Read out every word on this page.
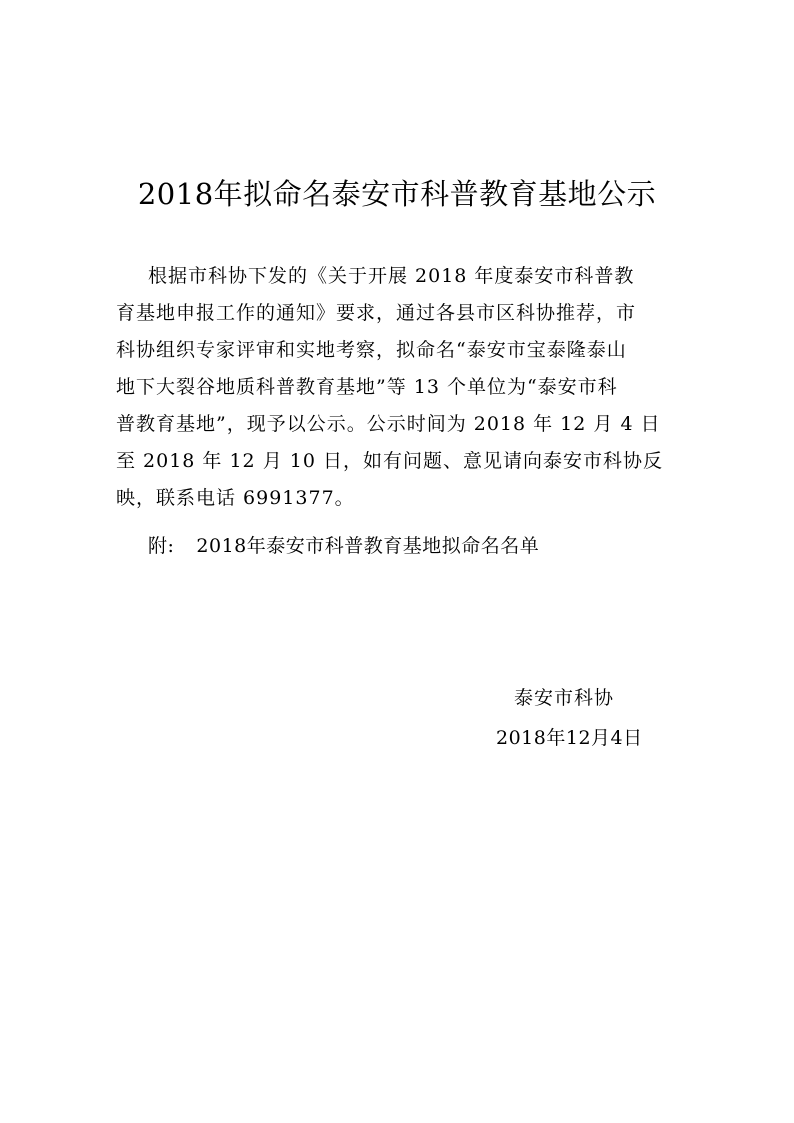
2018年拟命名泰安市科普教育基地公示
根据市科协下发的《关于开展 2018 年度泰安市科普教
育基地申报工作的通知》要求，通过各县市区科协推荐，市
科协组织专家评审和实地考察，拟命名“泰安市宝泰隆泰山
地下大裂谷地质科普教育基地”等 13 个单位为“泰安市科
普教育基地”，现予以公示。公示时间为 2018 年 12 月 4 日
至 2018 年 12 月 10 日，如有问题、意见请向泰安市科协反
映，联系电话 6991377。
附: 2018年泰安市科普教育基地拟命名名单
泰安市科协
2018年12月4日
